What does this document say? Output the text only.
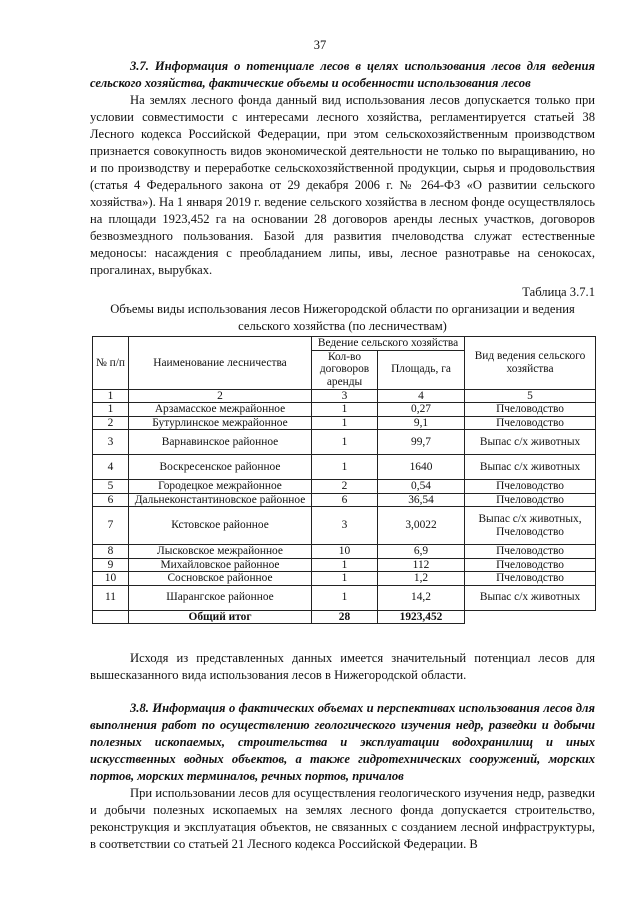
37
3.7. Информация о потенциале лесов в целях использования лесов для ведения сельского хозяйства, фактические объемы и особенности использования лесов
На землях лесного фонда данный вид использования лесов допускается только при условии совместимости с интересами лесного хозяйства, регламентируется статьей 38 Лесного кодекса Российской Федерации, при этом сельскохозяйственным производством признается совокупность видов экономической деятельности не только по выращиванию, но и по производству и переработке сельскохозяйственной продукции, сырья и продовольствия (статья 4 Федерального закона от 29 декабря 2006 г. № 264-ФЗ «О развитии сельского хозяйства»). На 1 января 2019 г. ведение сельского хозяйства в лесном фонде осуществлялось на площади 1923,452 га на основании 28 договоров аренды лесных участков, договоров безвозмездного пользования. Базой для развития пчеловодства служат естественные медоносы: насаждения с преобладанием липы, ивы, лесное разнотравье на сенокосах, прогалинах, вырубках.
Таблица 3.7.1
Объемы виды использования лесов Нижегородской области по организации и ведения сельского хозяйства (по лесничествам)
№ п/п	Наименование лесничества	Ведение сельского хозяйства		Вид ведения сельского хозяйства
		Кол-во договоров аренды	Площадь, га	
1	2	3	4	5
1	Арзамасское межрайонное	1	0,27	Пчеловодство
2	Бутурлинское межрайонное	1	9,1	Пчеловодство
3	Варнавинское районное	1	99,7	Выпас с/х животных
4	Воскресенское районное	1	1640	Выпас с/х животных
5	Городецкое межрайонное	2	0,54	Пчеловодство
6	Дальнеконстантиновское районное	6	36,54	Пчеловодство
7	Кстовское районное	3	3,0022	Выпас с/х животных, Пчеловодство
8	Лысковское межрайонное	10	6,9	Пчеловодство
9	Михайловское районное	1	112	Пчеловодство
10	Сосновское районное	1	1,2	Пчеловодство
11	Шарангское районное	1	14,2	Выпас с/х животных
	Общий итог	28	1923,452	
Исходя из представленных данных имеется значительный потенциал лесов для вышесказанного вида использования лесов в Нижегородской области.
3.8. Информация о фактических объемах и перспективах использования лесов для выполнения работ по осуществлению геологического изучения недр, разведки и добычи полезных ископаемых, строительства и эксплуатации водохранилищ и иных искусственных водных объектов, а также гидротехнических сооружений, морских портов, морских терминалов, речных портов, причалов
При использовании лесов для осуществления геологического изучения недр, разведки и добычи полезных ископаемых на землях лесного фонда допускается строительство, реконструкция и эксплуатация объектов, не связанных с созданием лесной инфраструктуры, в соответствии со статьей 21 Лесного кодекса Российской Федерации. В
